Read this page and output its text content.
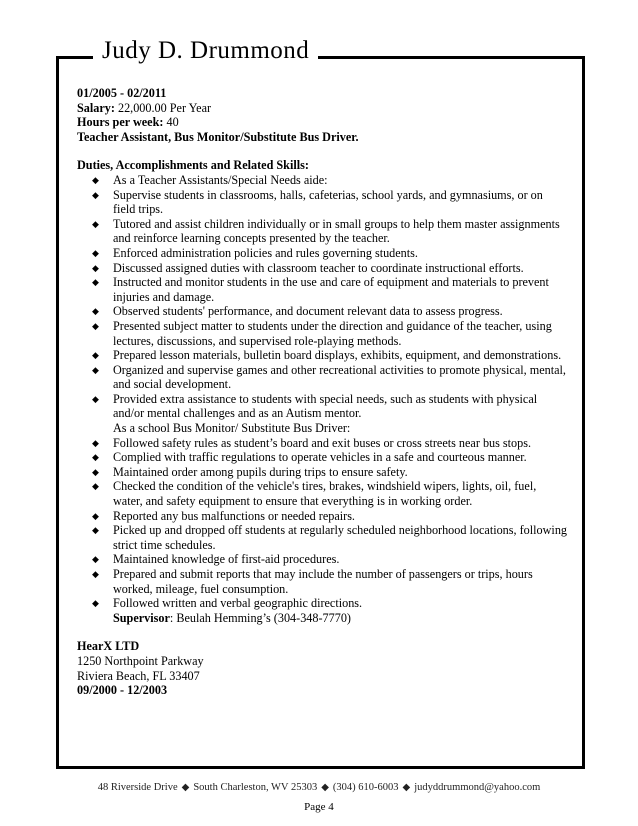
Judy D. Drummond

01/2005 - 02/2011

Salary: 22,000.00 Per Year

Hours per week: 40

Teacher Assistant, Bus Monitor/Substitute Bus Driver.

Duties, Accomplishments and Related Skills:

◆ As a Teacher Assistants/Special Needs aide:
◆ Supervise students in classrooms, halls, cafeterias, school yards, and gymnasiums, or on field trips.
◆ Tutored and assist children individually or in small groups to help them master assignments and reinforce learning concepts presented by the teacher.
◆ Enforced administration policies and rules governing students.
◆ Discussed assigned duties with classroom teacher to coordinate instructional efforts.
◆ Instructed and monitor students in the use and care of equipment and materials to prevent injuries and damage.
◆ Observed students' performance, and document relevant data to assess progress.
◆ Presented subject matter to students under the direction and guidance of the teacher, using lectures, discussions, and supervised role-playing methods.
◆ Prepared lesson materials, bulletin board displays, exhibits, equipment, and demonstrations.
◆ Organized and supervise games and other recreational activities to promote physical, mental, and social development.
◆ Provided extra assistance to students with special needs, such as students with physical and/or mental challenges and as an Autism mentor.

As a school Bus Monitor/ Substitute Bus Driver:

◆ Followed safety rules as student’s board and exit buses or cross streets near bus stops.
◆ Complied with traffic regulations to operate vehicles in a safe and courteous manner.
◆ Maintained order among pupils during trips to ensure safety.
◆ Checked the condition of the vehicle's tires, brakes, windshield wipers, lights, oil, fuel, water, and safety equipment to ensure that everything is in working order.
◆ Reported any bus malfunctions or needed repairs.
◆ Picked up and dropped off students at regularly scheduled neighborhood locations, following strict time schedules.
◆ Maintained knowledge of first-aid procedures.
◆ Prepared and submit reports that may include the number of passengers or trips, hours worked, mileage, fuel consumption.
◆ Followed written and verbal geographic directions.

Supervisor: Beulah Hemming’s (304-348-7770)

HearX LTD

1250 Northpoint Parkway

Riviera Beach, FL 33407

09/2000 - 12/2003

48 Riverside Drive ◆ South Charleston, WV 25303 ◆ (304) 610-6003 ◆ judyddrummond@yahoo.com
Page 4
